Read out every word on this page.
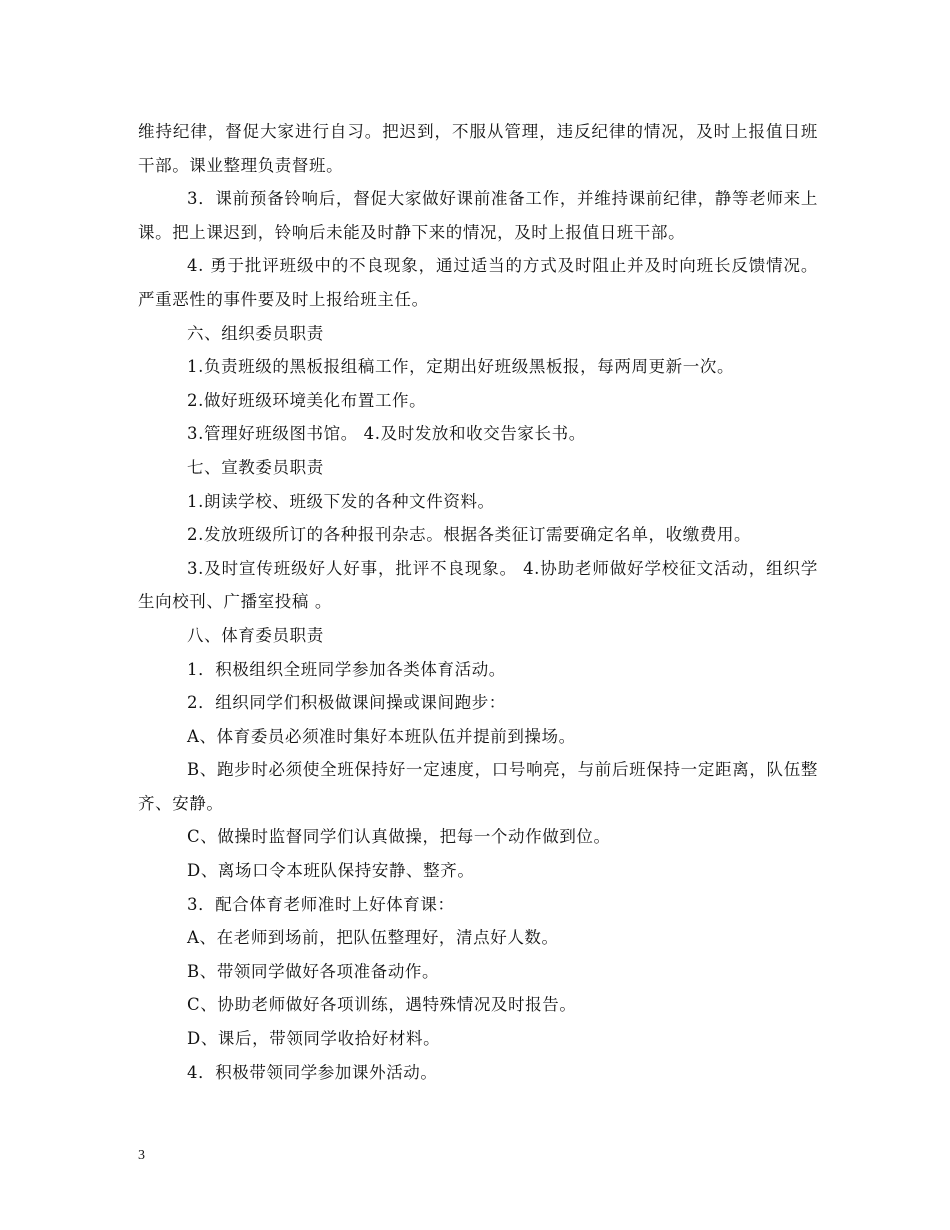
维持纪律，督促大家进行自习。把迟到，不服从管理，违反纪律的情况，及时上报值日班干部。课业整理负责督班。

3．课前预备铃响后，督促大家做好课前准备工作，并维持课前纪律，静等老师来上课。把上课迟到，铃响后未能及时静下来的情况，及时上报值日班干部。

4. 勇于批评班级中的不良现象，通过适当的方式及时阻止并及时向班长反馈情况。严重恶性的事件要及时上报给班主任。

六、组织委员职责

1.负责班级的黑板报组稿工作，定期出好班级黑板报，每两周更新一次。

2.做好班级环境美化布置工作。

3.管理好班级图书馆。 4.及时发放和收交告家长书。

七、宣教委员职责

1.朗读学校、班级下发的各种文件资料。

2.发放班级所订的各种报刊杂志。根据各类征订需要确定名单，收缴费用。

3.及时宣传班级好人好事，批评不良现象。 4.协助老师做好学校征文活动，组织学生向校刊、广播室投稿 。

八、体育委员职责

1．积极组织全班同学参加各类体育活动。

2．组织同学们积极做课间操或课间跑步：

A、体育委员必须准时集好本班队伍并提前到操场。

B、跑步时必须使全班保持好一定速度，口号响亮，与前后班保持一定距离，队伍整齐、安静。

C、做操时监督同学们认真做操，把每一个动作做到位。

D、离场口令本班队保持安静、整齐。

3．配合体育老师准时上好体育课：

A、在老师到场前，把队伍整理好，清点好人数。

B、带领同学做好各项准备动作。

C、协助老师做好各项训练，遇特殊情况及时报告。

D、课后，带领同学收拾好材料。

4．积极带领同学参加课外活动。

3
